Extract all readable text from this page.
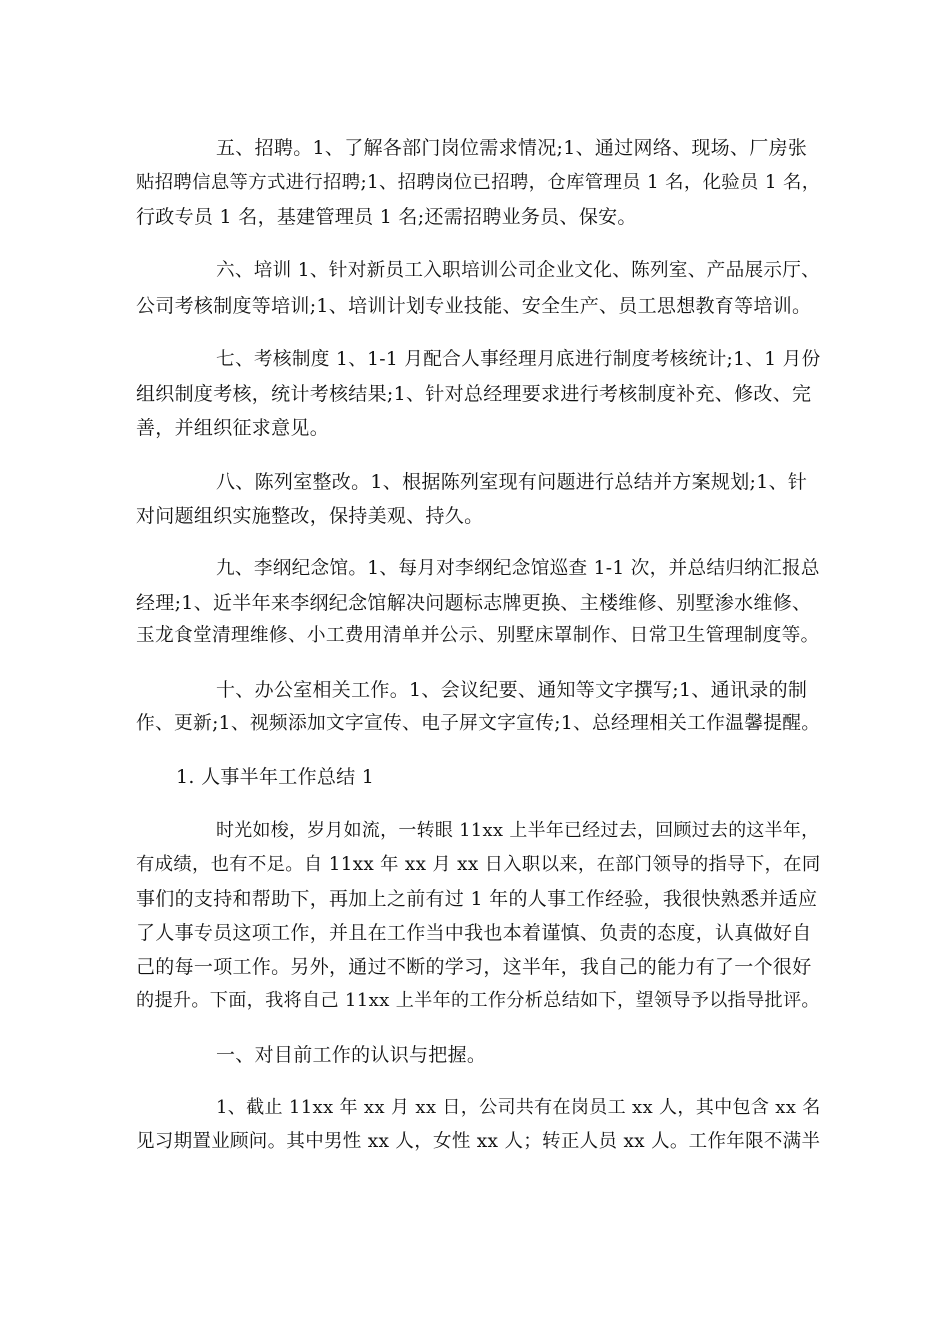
五、招聘。1、了解各部门岗位需求情况;1、通过网络、现场、厂房张
贴招聘信息等方式进行招聘;1、招聘岗位已招聘，仓库管理员 1 名，化验员 1 名，
行政专员 1 名，基建管理员 1 名;还需招聘业务员、保安。
六、培训 1、针对新员工入职培训公司企业文化、陈列室、产品展示厅、
公司考核制度等培训;1、培训计划专业技能、安全生产、员工思想教育等培训。
七、考核制度 1、1-1 月配合人事经理月底进行制度考核统计;1、1 月份
组织制度考核，统计考核结果;1、针对总经理要求进行考核制度补充、修改、完
善，并组织征求意见。
八、陈列室整改。1、根据陈列室现有问题进行总结并方案规划;1、针
对问题组织实施整改，保持美观、持久。
九、李纲纪念馆。1、每月对李纲纪念馆巡查 1-1 次，并总结归纳汇报总
经理;1、近半年来李纲纪念馆解决问题标志牌更换、主楼维修、别墅渗水维修、
玉龙食堂清理维修、小工费用清单并公示、别墅床罩制作、日常卫生管理制度等。
十、办公室相关工作。1、会议纪要、通知等文字撰写;1、通讯录的制
作、更新;1、视频添加文字宣传、电子屏文字宣传;1、总经理相关工作温馨提醒。
1. 人事半年工作总结 1
时光如梭，岁月如流，一转眼 11xx 上半年已经过去，回顾过去的这半年，
有成绩，也有不足。自 11xx 年 xx 月 xx 日入职以来，在部门领导的指导下，在同
事们的支持和帮助下，再加上之前有过 1 年的人事工作经验，我很快熟悉并适应
了人事专员这项工作，并且在工作当中我也本着谨慎、负责的态度，认真做好自
己的每一项工作。另外，通过不断的学习，这半年，我自己的能力有了一个很好
的提升。下面，我将自己 11xx 上半年的工作分析总结如下，望领导予以指导批评。
一、对目前工作的认识与把握。
1、截止 11xx 年 xx 月 xx 日，公司共有在岗员工 xx 人，其中包含 xx 名
见习期置业顾问。其中男性 xx 人，女性 xx 人；转正人员 xx 人。工作年限不满半
